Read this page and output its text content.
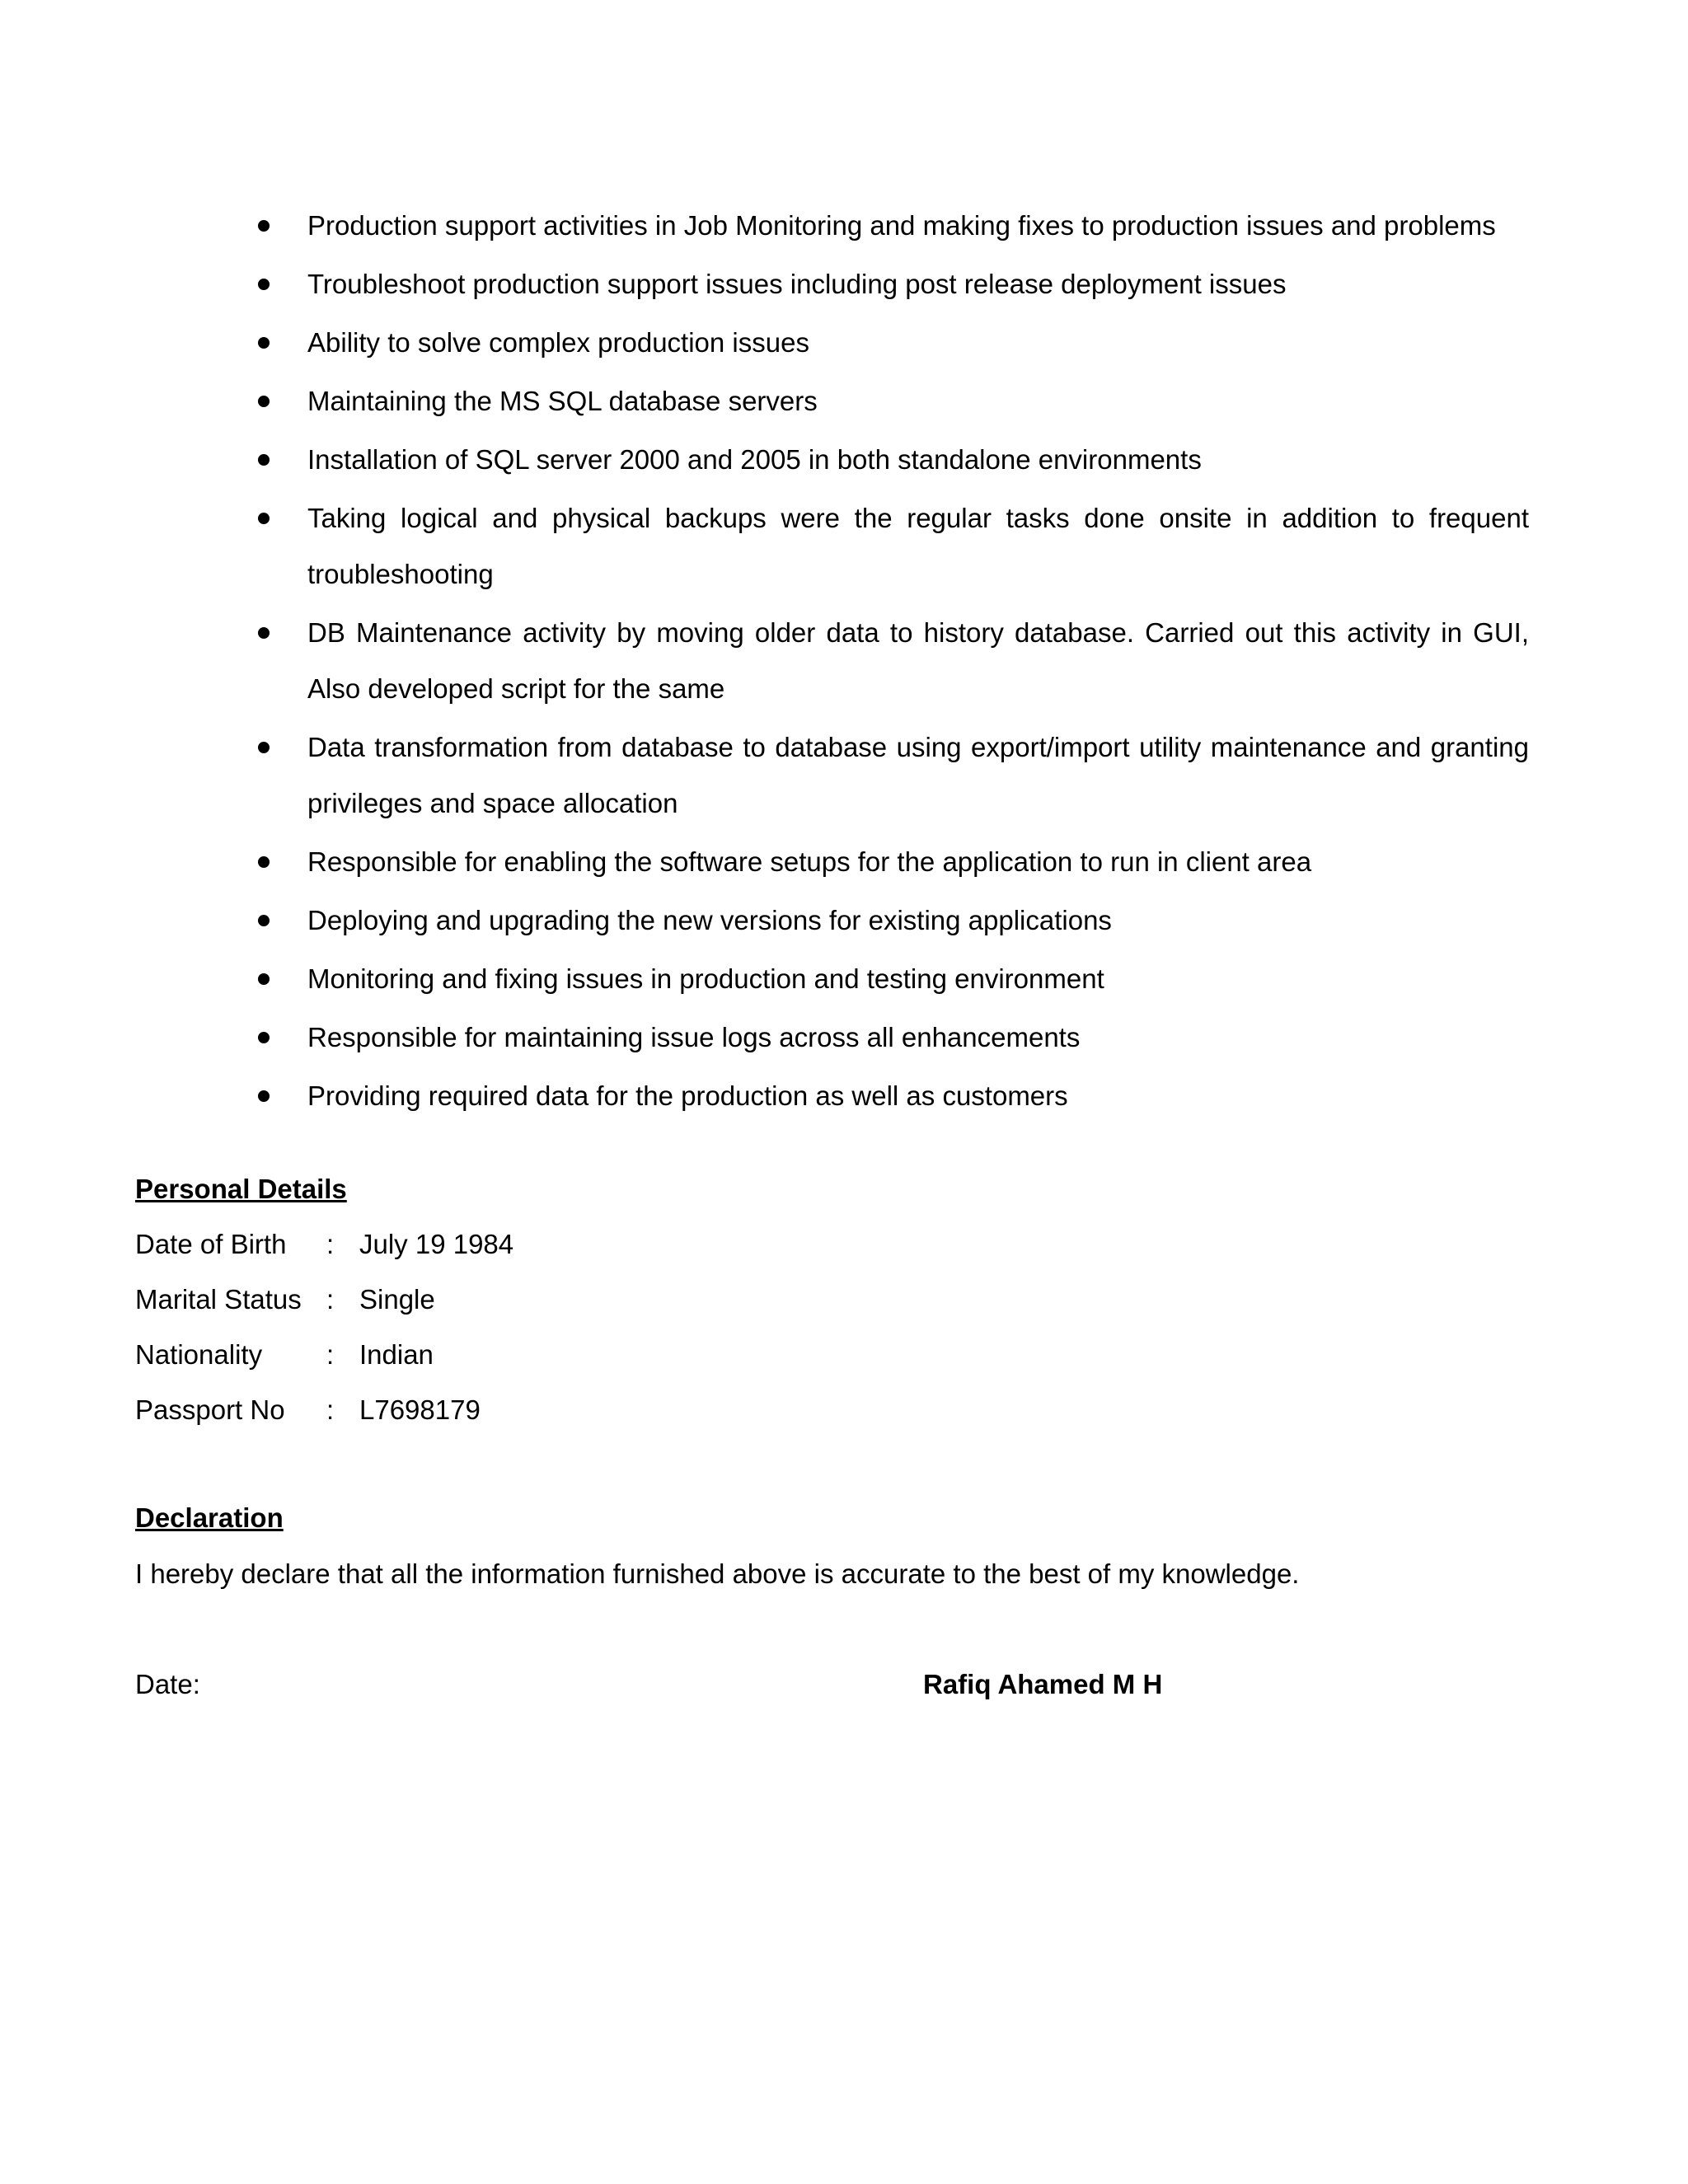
Production support activities in Job Monitoring and making fixes to production issues and problems
Troubleshoot production support issues including post release deployment issues
Ability to solve complex production issues
Maintaining the MS SQL database servers
Installation of SQL server 2000 and 2005 in both standalone environments
Taking logical and physical backups were the regular tasks done onsite in addition to frequent troubleshooting
DB Maintenance activity by moving older data to history database. Carried out this activity in GUI, Also developed script for the same
Data transformation from database to database using export/import utility maintenance and granting privileges and space allocation
Responsible for enabling the software setups for the application to run in client area
Deploying and upgrading the new versions for existing applications
Monitoring and fixing issues in production and testing environment
Responsible for maintaining issue logs across all enhancements
Providing required data for the production as well as customers
Personal Details
Date of Birth	:	July 19 1984
Marital Status	:	Single
Nationality	:	Indian
Passport No	:	L7698179
Declaration
I hereby declare that all the information furnished above is accurate to the best of my knowledge.
Date:	Rafiq Ahamed M H
